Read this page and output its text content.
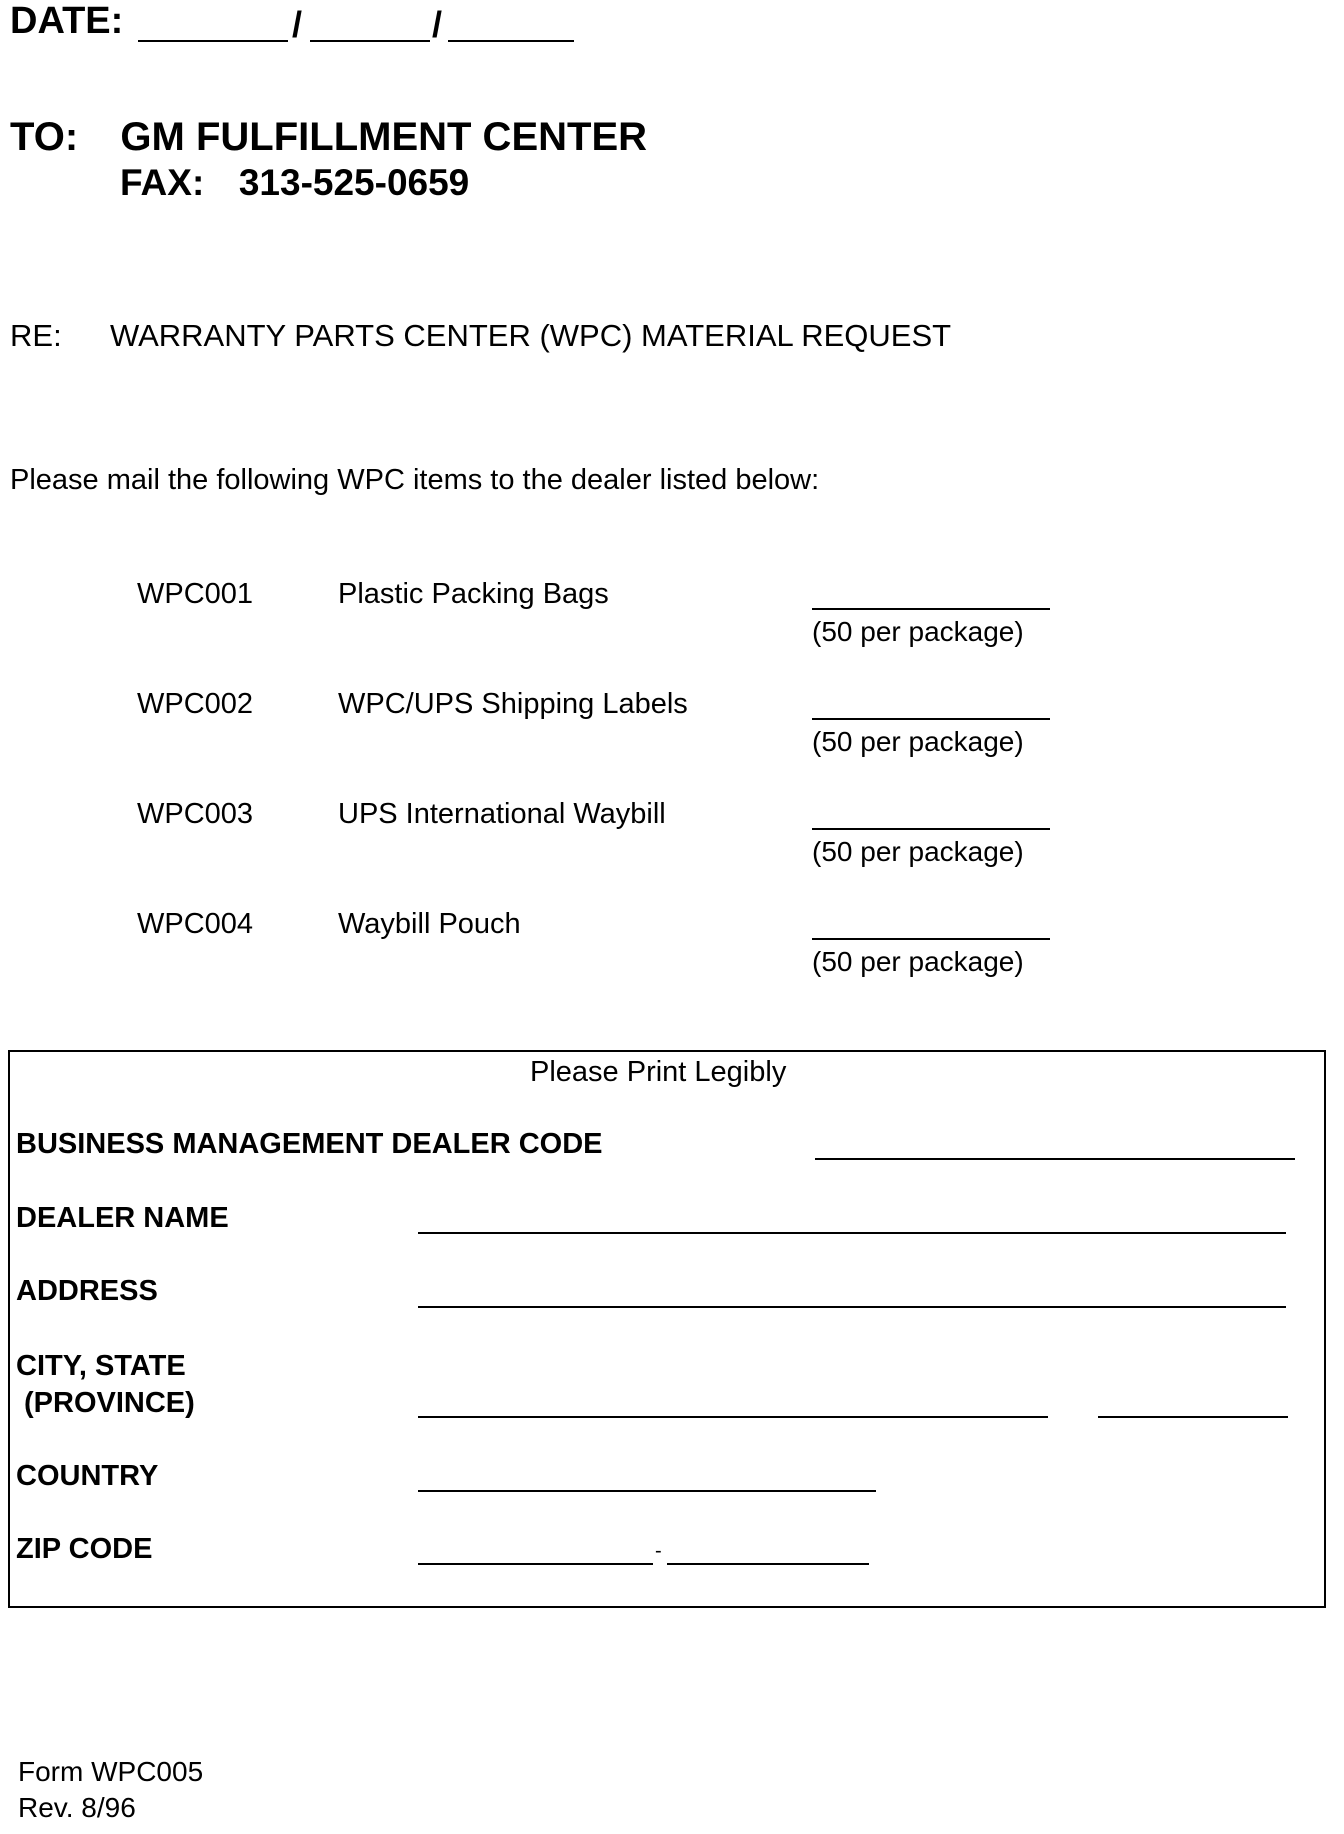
DATE:	/	/
TO: GM FULFILLMENT CENTER
FAX: 313-525-0659
RE: WARRANTY PARTS CENTER (WPC) MATERIAL REQUEST
Please mail the following WPC items to the dealer listed below:
WPC001	Plastic Packing Bags
(50 per package)
WPC002	WPC/UPS Shipping Labels
(50 per package)
WPC003	UPS International Waybill
(50 per package)
WPC004	Waybill Pouch
(50 per package)
Please Print Legibly
BUSINESS MANAGEMENT DEALER CODE
DEALER NAME
ADDRESS
CITY, STATE
(PROVINCE)
COUNTRY
ZIP CODE	-
Form WPC005
Rev. 8/96
